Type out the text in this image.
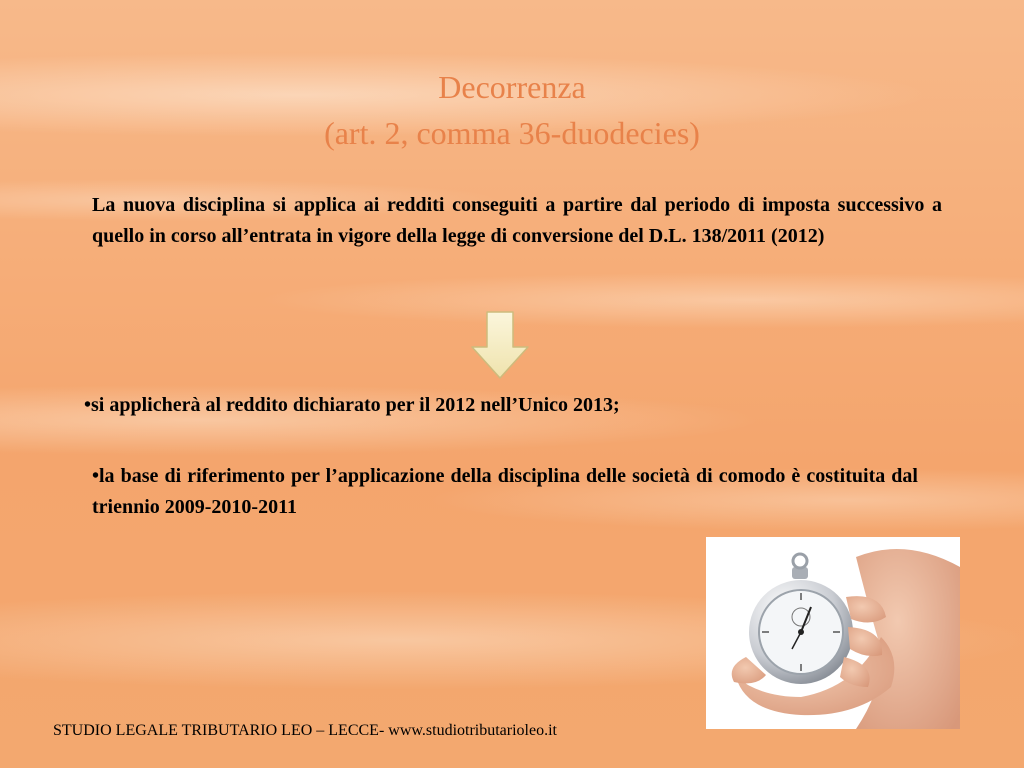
Decorrenza
(art. 2, comma 36-duodecies)
La nuova disciplina si applica ai redditi conseguiti a partire dal periodo di imposta successivo a quello in corso all’entrata in vigore della legge di conversione del D.L. 138/2011 (2012)
•si applicherà al reddito dichiarato per il 2012 nell’Unico 2013;
•la base di riferimento per l’applicazione della disciplina delle società di comodo è costituita dal triennio 2009-2010-2011
STUDIO LEGALE TRIBUTARIO LEO – LECCE- www.studiotributarioleo.it
